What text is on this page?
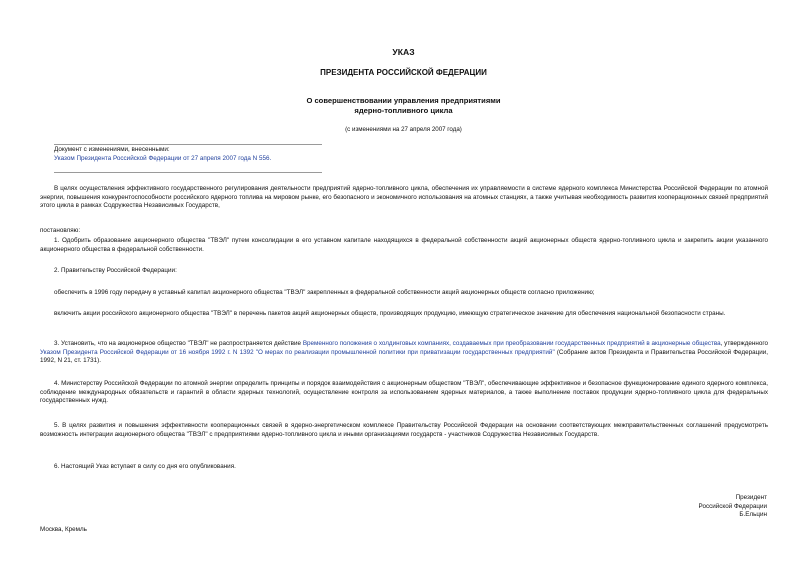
УКАЗ
ПРЕЗИДЕНТА РОССИЙСКОЙ ФЕДЕРАЦИИ
О совершенствовании управления предприятиями
ядерно-топливного цикла
(с изменениями на 27 апреля 2007 года)
Документ с изменениями, внесенными:
Указом Президента Российской Федерации от 27 апреля 2007 года N 556.
В целях осуществления эффективного государственного регулирования деятельности предприятий ядерно-топливного цикла, обеспечения их управляемости в системе ядерного комплекса Министерства Российской Федерации по атомной энергии, повышения конкурентоспособности российского ядерного топлива на мировом рынке, его безопасного и экономичного использования на атомных станциях, а также учитывая необходимость развития кооперационных связей предприятий этого цикла в рамках Содружества Независимых Государств,
постановляю:
1. Одобрить образование акционерного общества "ТВЭЛ" путем консолидации в его уставном капитале находящихся в федеральной собственности акций акционерных обществ ядерно-топливного цикла и закрепить акции указанного акционерного общества в федеральной собственности.
2. Правительству Российской Федерации:
обеспечить в 1996 году передачу в уставный капитал акционерного общества "ТВЭЛ" закрепленных в федеральной собственности акций акционерных обществ согласно приложению;
включить акции российского акционерного общества "ТВЭЛ" в перечень пакетов акций акционерных обществ, производящих продукцию, имеющую стратегическое значение для обеспечения национальной безопасности страны.
3. Установить, что на акционерное общество "ТВЭЛ" не распространяется действие Временного положения о холдинговых компаниях, создаваемых при преобразовании государственных предприятий в акционерные общества, утвержденного Указом Президента Российской Федерации от 16 ноября 1992 г. N 1392 "О мерах по реализации промышленной политики при приватизации государственных предприятий" (Собрание актов Президента и Правительства Российской Федерации, 1992, N 21, ст. 1731).
4. Министерству Российской Федерации по атомной энергии определить принципы и порядок взаимодействия с акционерным обществом "ТВЭЛ", обеспечивающие эффективное и безопасное функционирование единого ядерного комплекса, соблюдение международных обязательств и гарантий в области ядерных технологий, осуществление контроля за использованием ядерных материалов, а также выполнение поставок продукции ядерно-топливного цикла для федеральных государственных нужд.
5. В целях развития и повышения эффективности кооперационных связей в ядерно-энергетическом комплексе Правительству Российской Федерации на основании соответствующих межправительственных соглашений предусмотреть возможность интеграции акционерного общества "ТВЭЛ" с предприятиями ядерно-топливного цикла и иными организациями государств - участников Содружества Независимых Государств.
6. Настоящий Указ вступает в силу со дня его опубликования.
Президент
Российской Федерации
Б.Ельцин
Москва, Кремль
